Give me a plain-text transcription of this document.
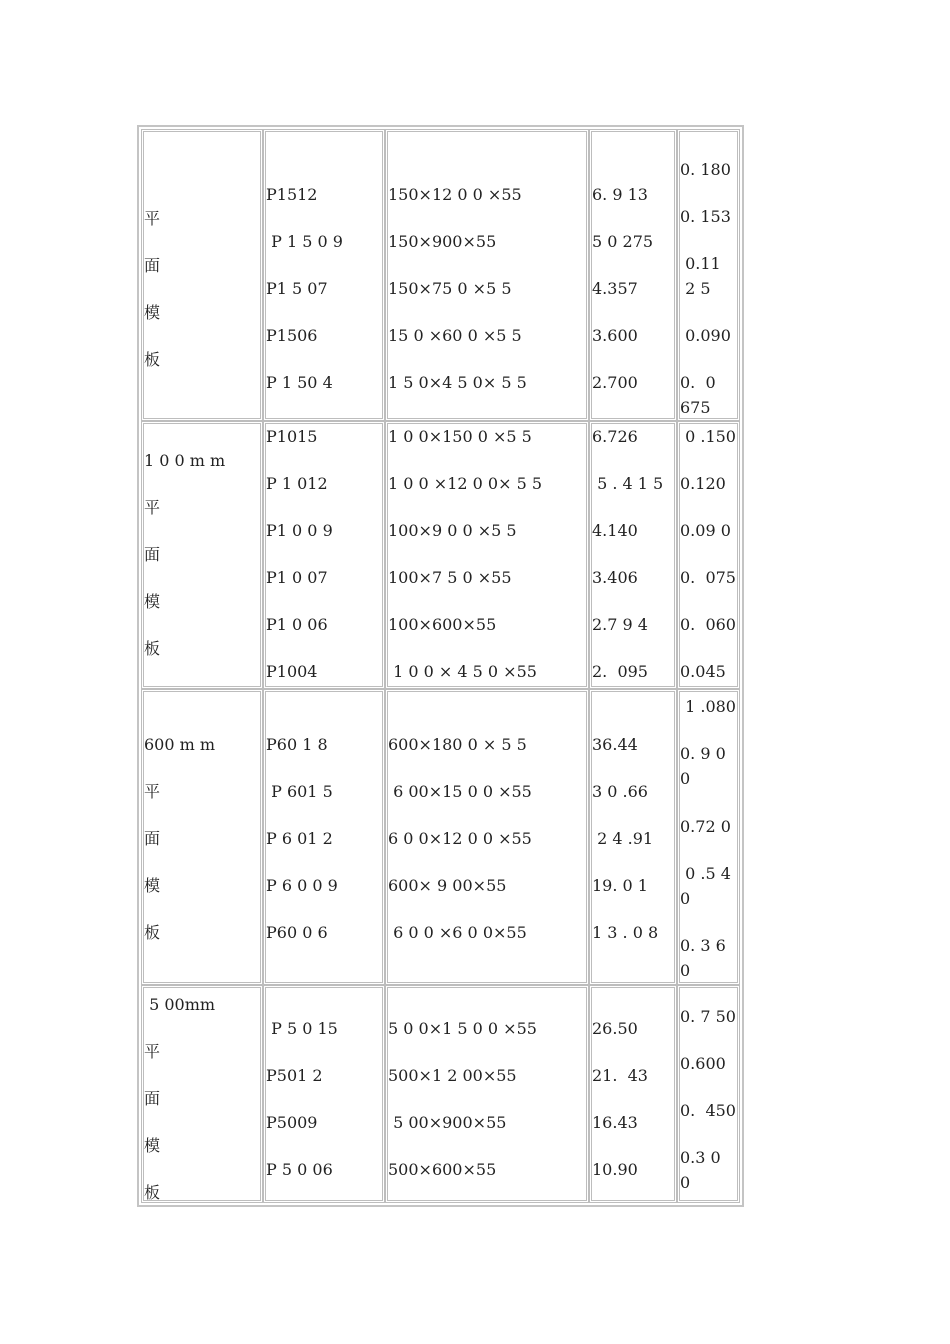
平
面
模
板
P1512
P 1 5 0 9
P1 5 07
P1506
P 1 50 4
150×12 0 0 ×55
150×900×55
150×75 0 ×5 5
15 0 ×60 0 ×5 5
1 5 0×4 5 0× 5 5
6. 9 13
5 0 275
4.357
3.600
2.700
0. 180
0. 153
0.11
2 5
0.090
0.  0
675
1 0 0 m m
平
面
模
板
P1015
P 1 012
P1 0 0 9
P1 0 07
P1 0 06
P1004
1 0 0×150 0 ×5 5
1 0 0 ×12 0 0× 5 5
100×9 0 0 ×5 5
100×7 5 0 ×55
100×600×55
1 0 0 × 4 5 0 ×55
6.726
5 . 4 1 5
4.140
3.406
2.7 9 4
2.  095
0 .150
0.120
0.09 0
0.  075
0.  060
0.045
600 m m
平
面
模
板
P60 1 8
P 601 5
P 6 01 2
P 6 0 0 9
P60 0 6
600×180 0 × 5 5
6 00×15 0 0 ×55
6 0 0×12 0 0 ×55
600× 9 00×55
6 0 0 ×6 0 0×55
36.44
3 0 .66
2 4 .91
19. 0 1
1 3 . 0 8
1 .080
0. 9 0
0
0.72 0
0 .5 4
0
0. 3 6
0
5 00mm
平
面
模
板
P 5 0 15
P501 2
P5009
P 5 0 06
5 0 0×1 5 0 0 ×55
500×1 2 00×55
5 00×900×55
500×600×55
26.50
21.  43
16.43
10.90
0. 7 50
0.600
0.  450
0.3 0
0
